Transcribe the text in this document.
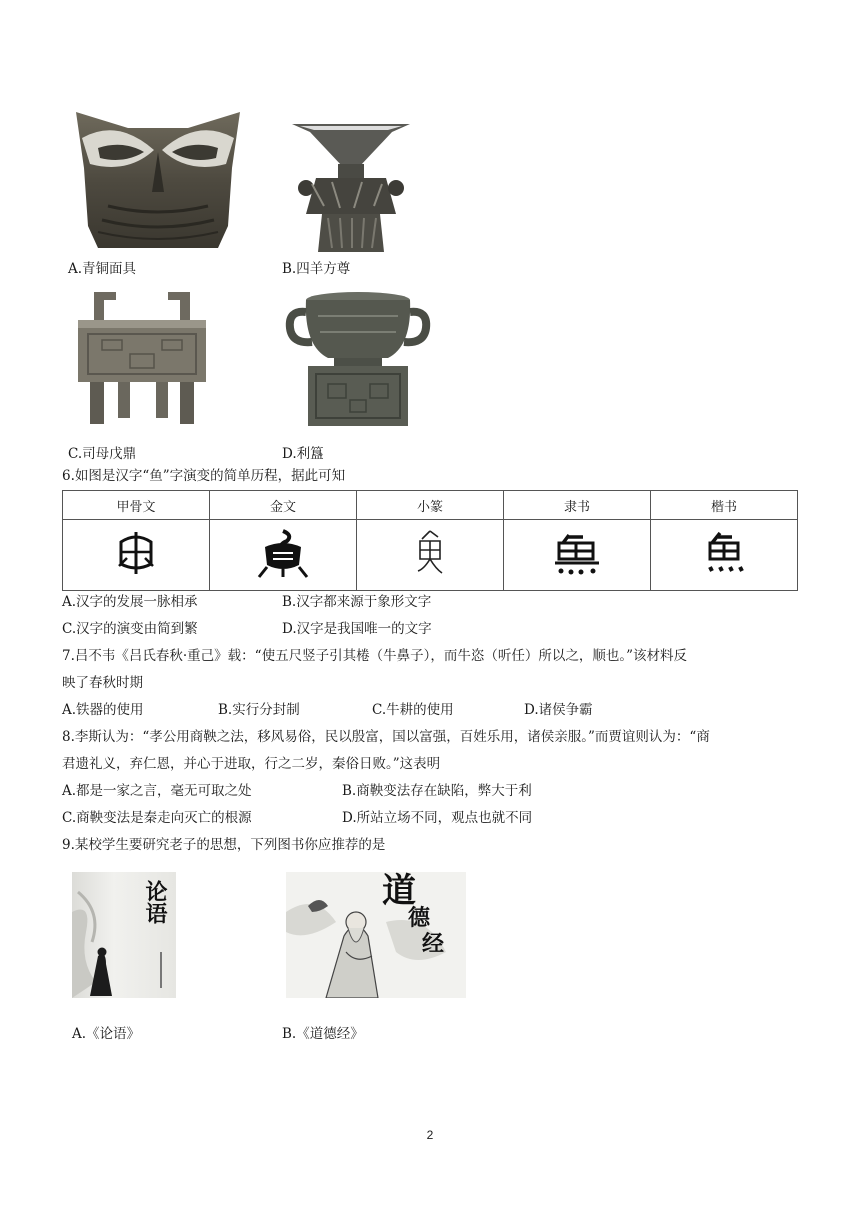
A.青铜面具	B.四羊方尊
C.司母戊鼎	D.利簋
6.如图是汉字“鱼”字演变的简单历程，据此可知
甲骨文	金文	小篆	隶书	楷书

A.汉字的发展一脉相承	B.汉字都来源于象形文字
C.汉字的演变由简到繁	D.汉字是我国唯一的文字
7.吕不韦《吕氏春秋·重己》载：“使五尺竖子引其棬（牛鼻子），而牛恣（听任）所以之，顺也。”该材料反
映了春秋时期
A.铁器的使用	B.实行分封制	C.牛耕的使用	D.诸侯争霸
8.李斯认为：“孝公用商鞅之法，移风易俗，民以殷富，国以富强，百姓乐用，诸侯亲服。”而贾谊则认为：“商
君遗礼义，弃仁恩，并心于进取，行之二岁，秦俗日败。”这表明
A.都是一家之言，毫无可取之处	B.商鞅变法存在缺陷，弊大于利
C.商鞅变法是秦走向灭亡的根源	D.所站立场不同，观点也就不同
9.某校学生要研究老子的思想，下列图书你应推荐的是
论语
A.《论语》
道
德
经
B.《道德经》
2
